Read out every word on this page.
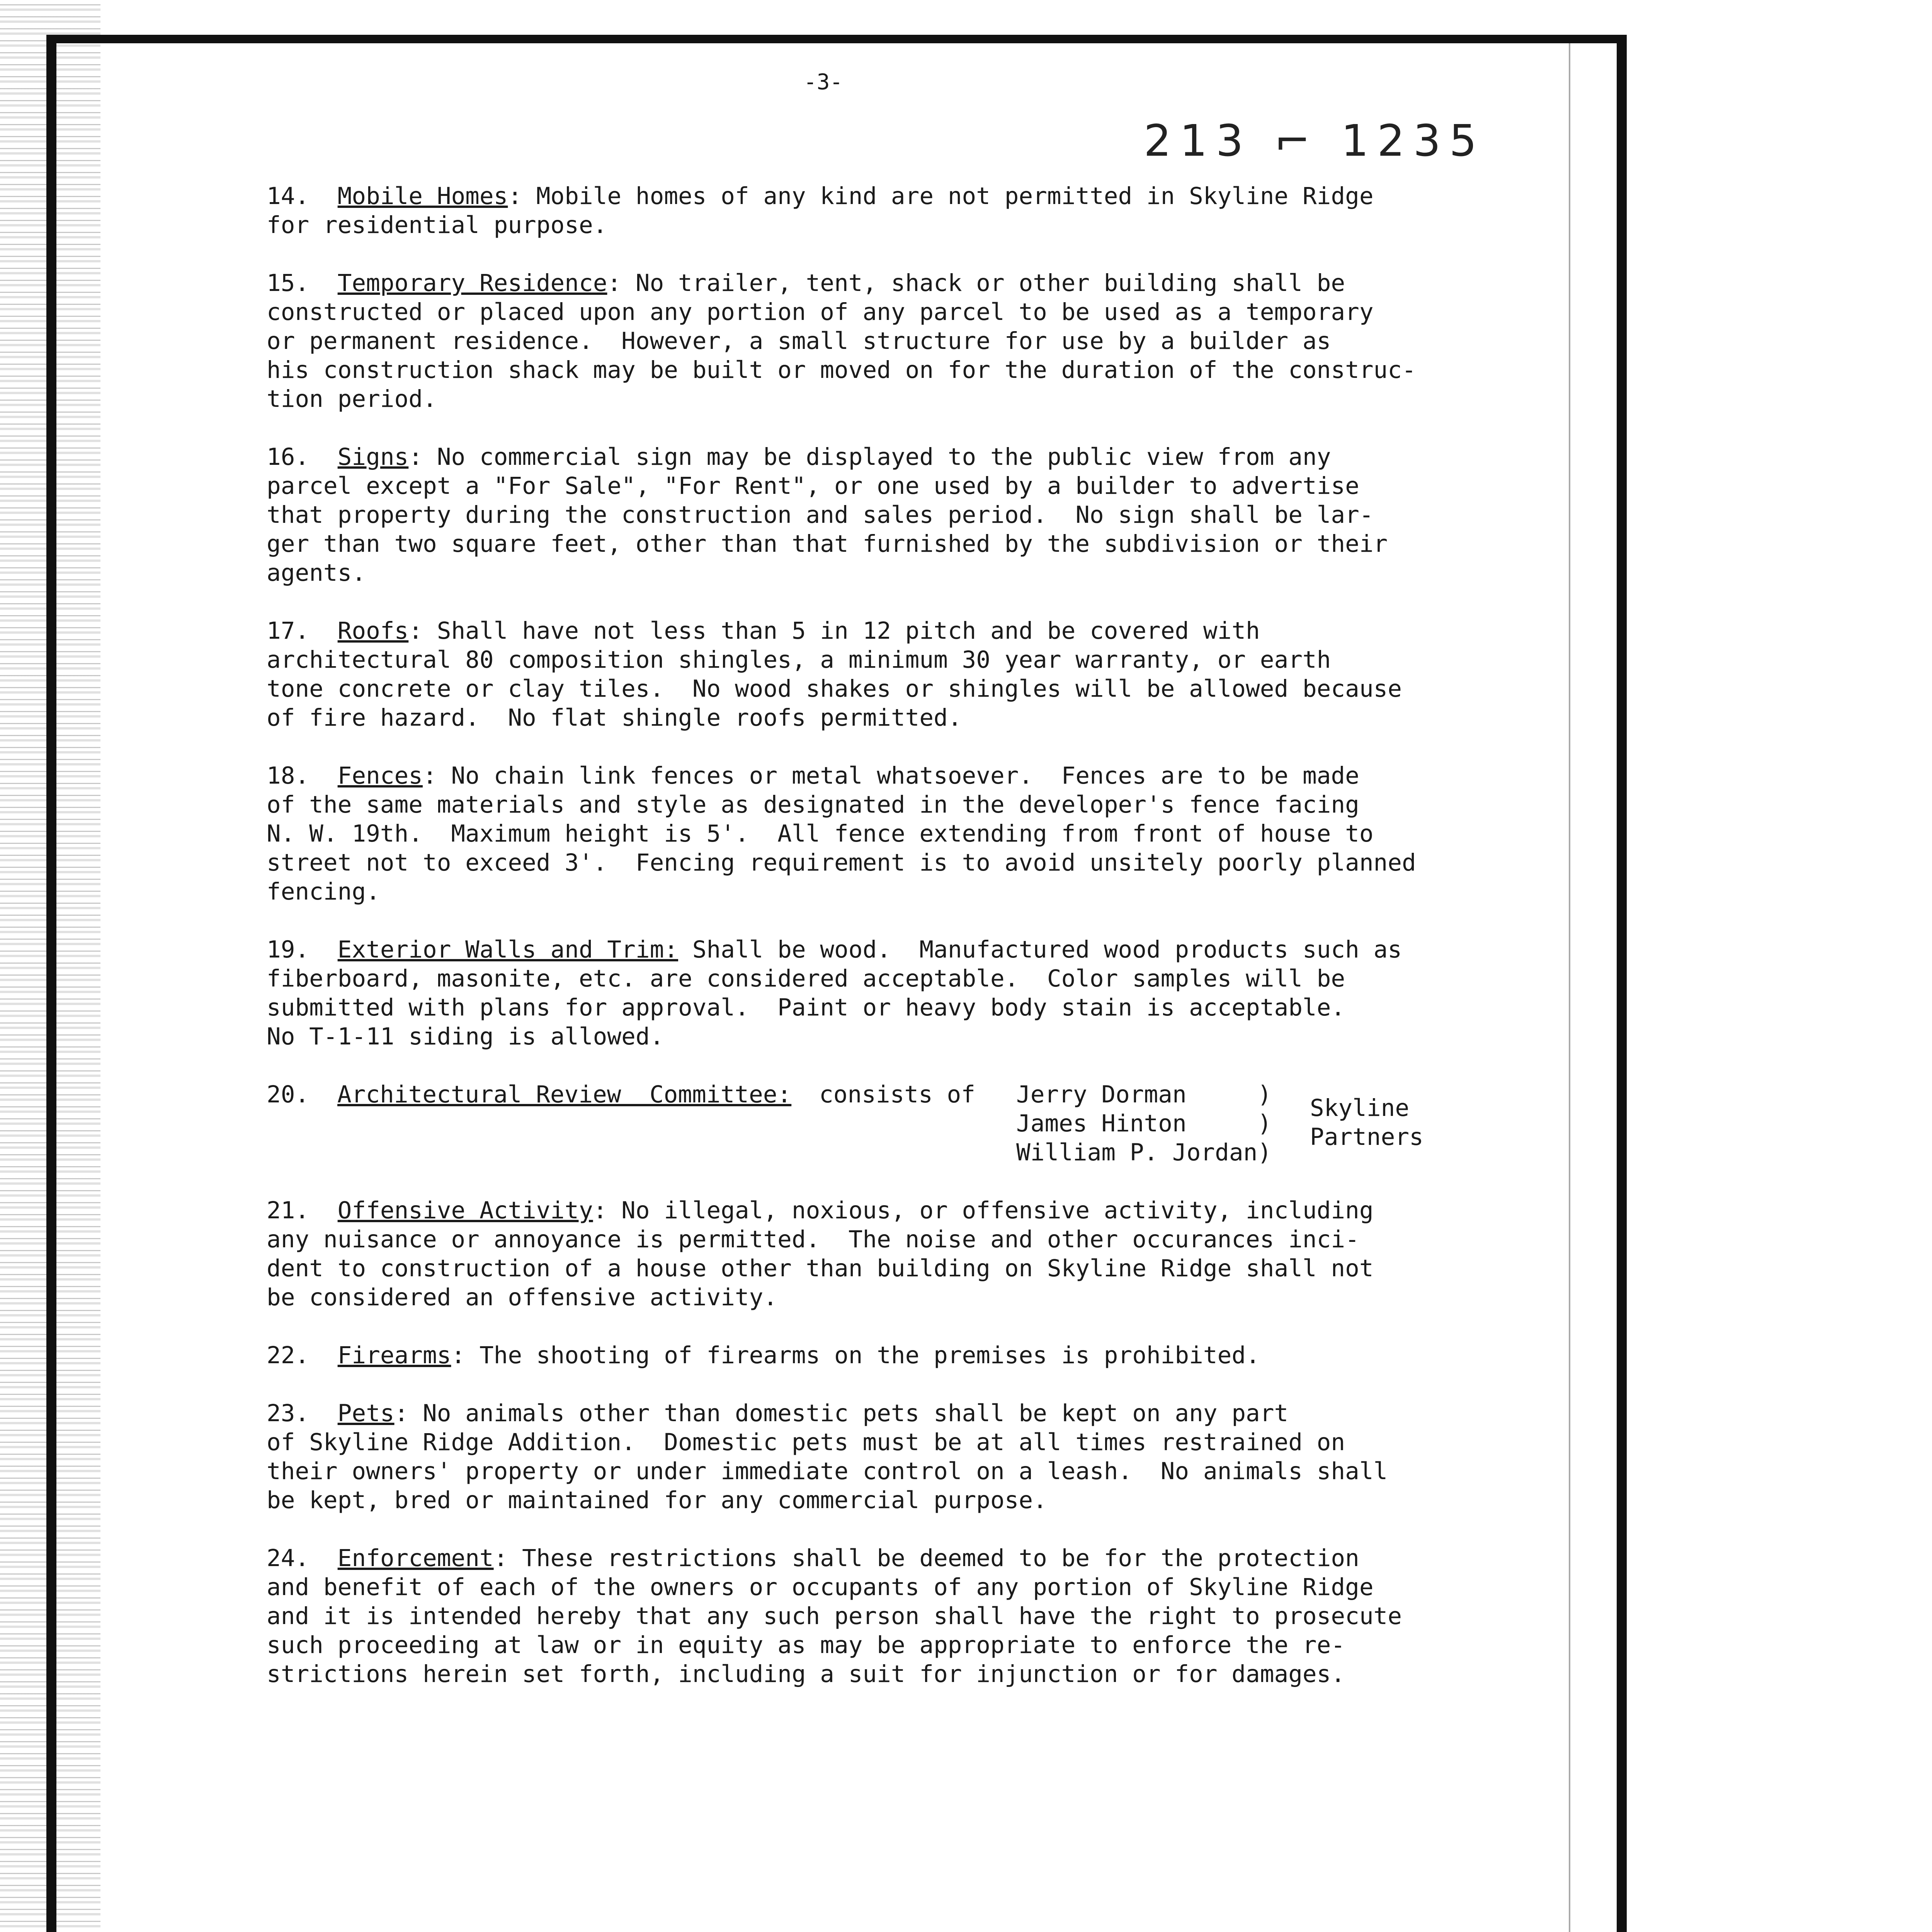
-3-
213 ⌐ 1235
14. Mobile Homes: Mobile homes of any kind are not permitted in Skyline Ridge
for residential purpose.
15. Temporary Residence: No trailer, tent, shack or other building shall be
constructed or placed upon any portion of any parcel to be used as a temporary
or permanent residence.  However, a small structure for use by a builder as
his construction shack may be built or moved on for the duration of the construc-
tion period.
16. Signs: No commercial sign may be displayed to the public view from any
parcel except a "For Sale", "For Rent", or one used by a builder to advertise
that property during the construction and sales period.  No sign shall be lar-
ger than two square feet, other than that furnished by the subdivision or their
agents.
17. Roofs: Shall have not less than 5 in 12 pitch and be covered with
architectural 80 composition shingles, a minimum 30 year warranty, or earth
tone concrete or clay tiles.  No wood shakes or shingles will be allowed because
of fire hazard.  No flat shingle roofs permitted.
18. Fences: No chain link fences or metal whatsoever.  Fences are to be made
of the same materials and style as designated in the developer's fence facing
N. W. 19th.  Maximum height is 5'.  All fence extending from front of house to
street not to exceed 3'.  Fencing requirement is to avoid unsitely poorly planned
fencing.
19. Exterior Walls and Trim: Shall be wood.  Manufactured wood products such as
fiberboard, masonite, etc. are considered acceptable.  Color samples will be
submitted with plans for approval.  Paint or heavy body stain is acceptable.
No T-1-11 siding is allowed.
20. Architectural Review  Committee: consists of Jerry Dorman     )
James Hinton     )
William P. Jordan)
Skyline
Partners
21. Offensive Activity: No illegal, noxious, or offensive activity, including
any nuisance or annoyance is permitted.  The noise and other occurances inci-
dent to construction of a house other than building on Skyline Ridge shall not
be considered an offensive activity.
22. Firearms: The shooting of firearms on the premises is prohibited.
23. Pets: No animals other than domestic pets shall be kept on any part
of Skyline Ridge Addition.  Domestic pets must be at all times restrained on
their owners' property or under immediate control on a leash.  No animals shall
be kept, bred or maintained for any commercial purpose.
24. Enforcement: These restrictions shall be deemed to be for the protection
and benefit of each of the owners or occupants of any portion of Skyline Ridge
and it is intended hereby that any such person shall have the right to prosecute
such proceeding at law or in equity as may be appropriate to enforce the re-
strictions herein set forth, including a suit for injunction or for damages.
